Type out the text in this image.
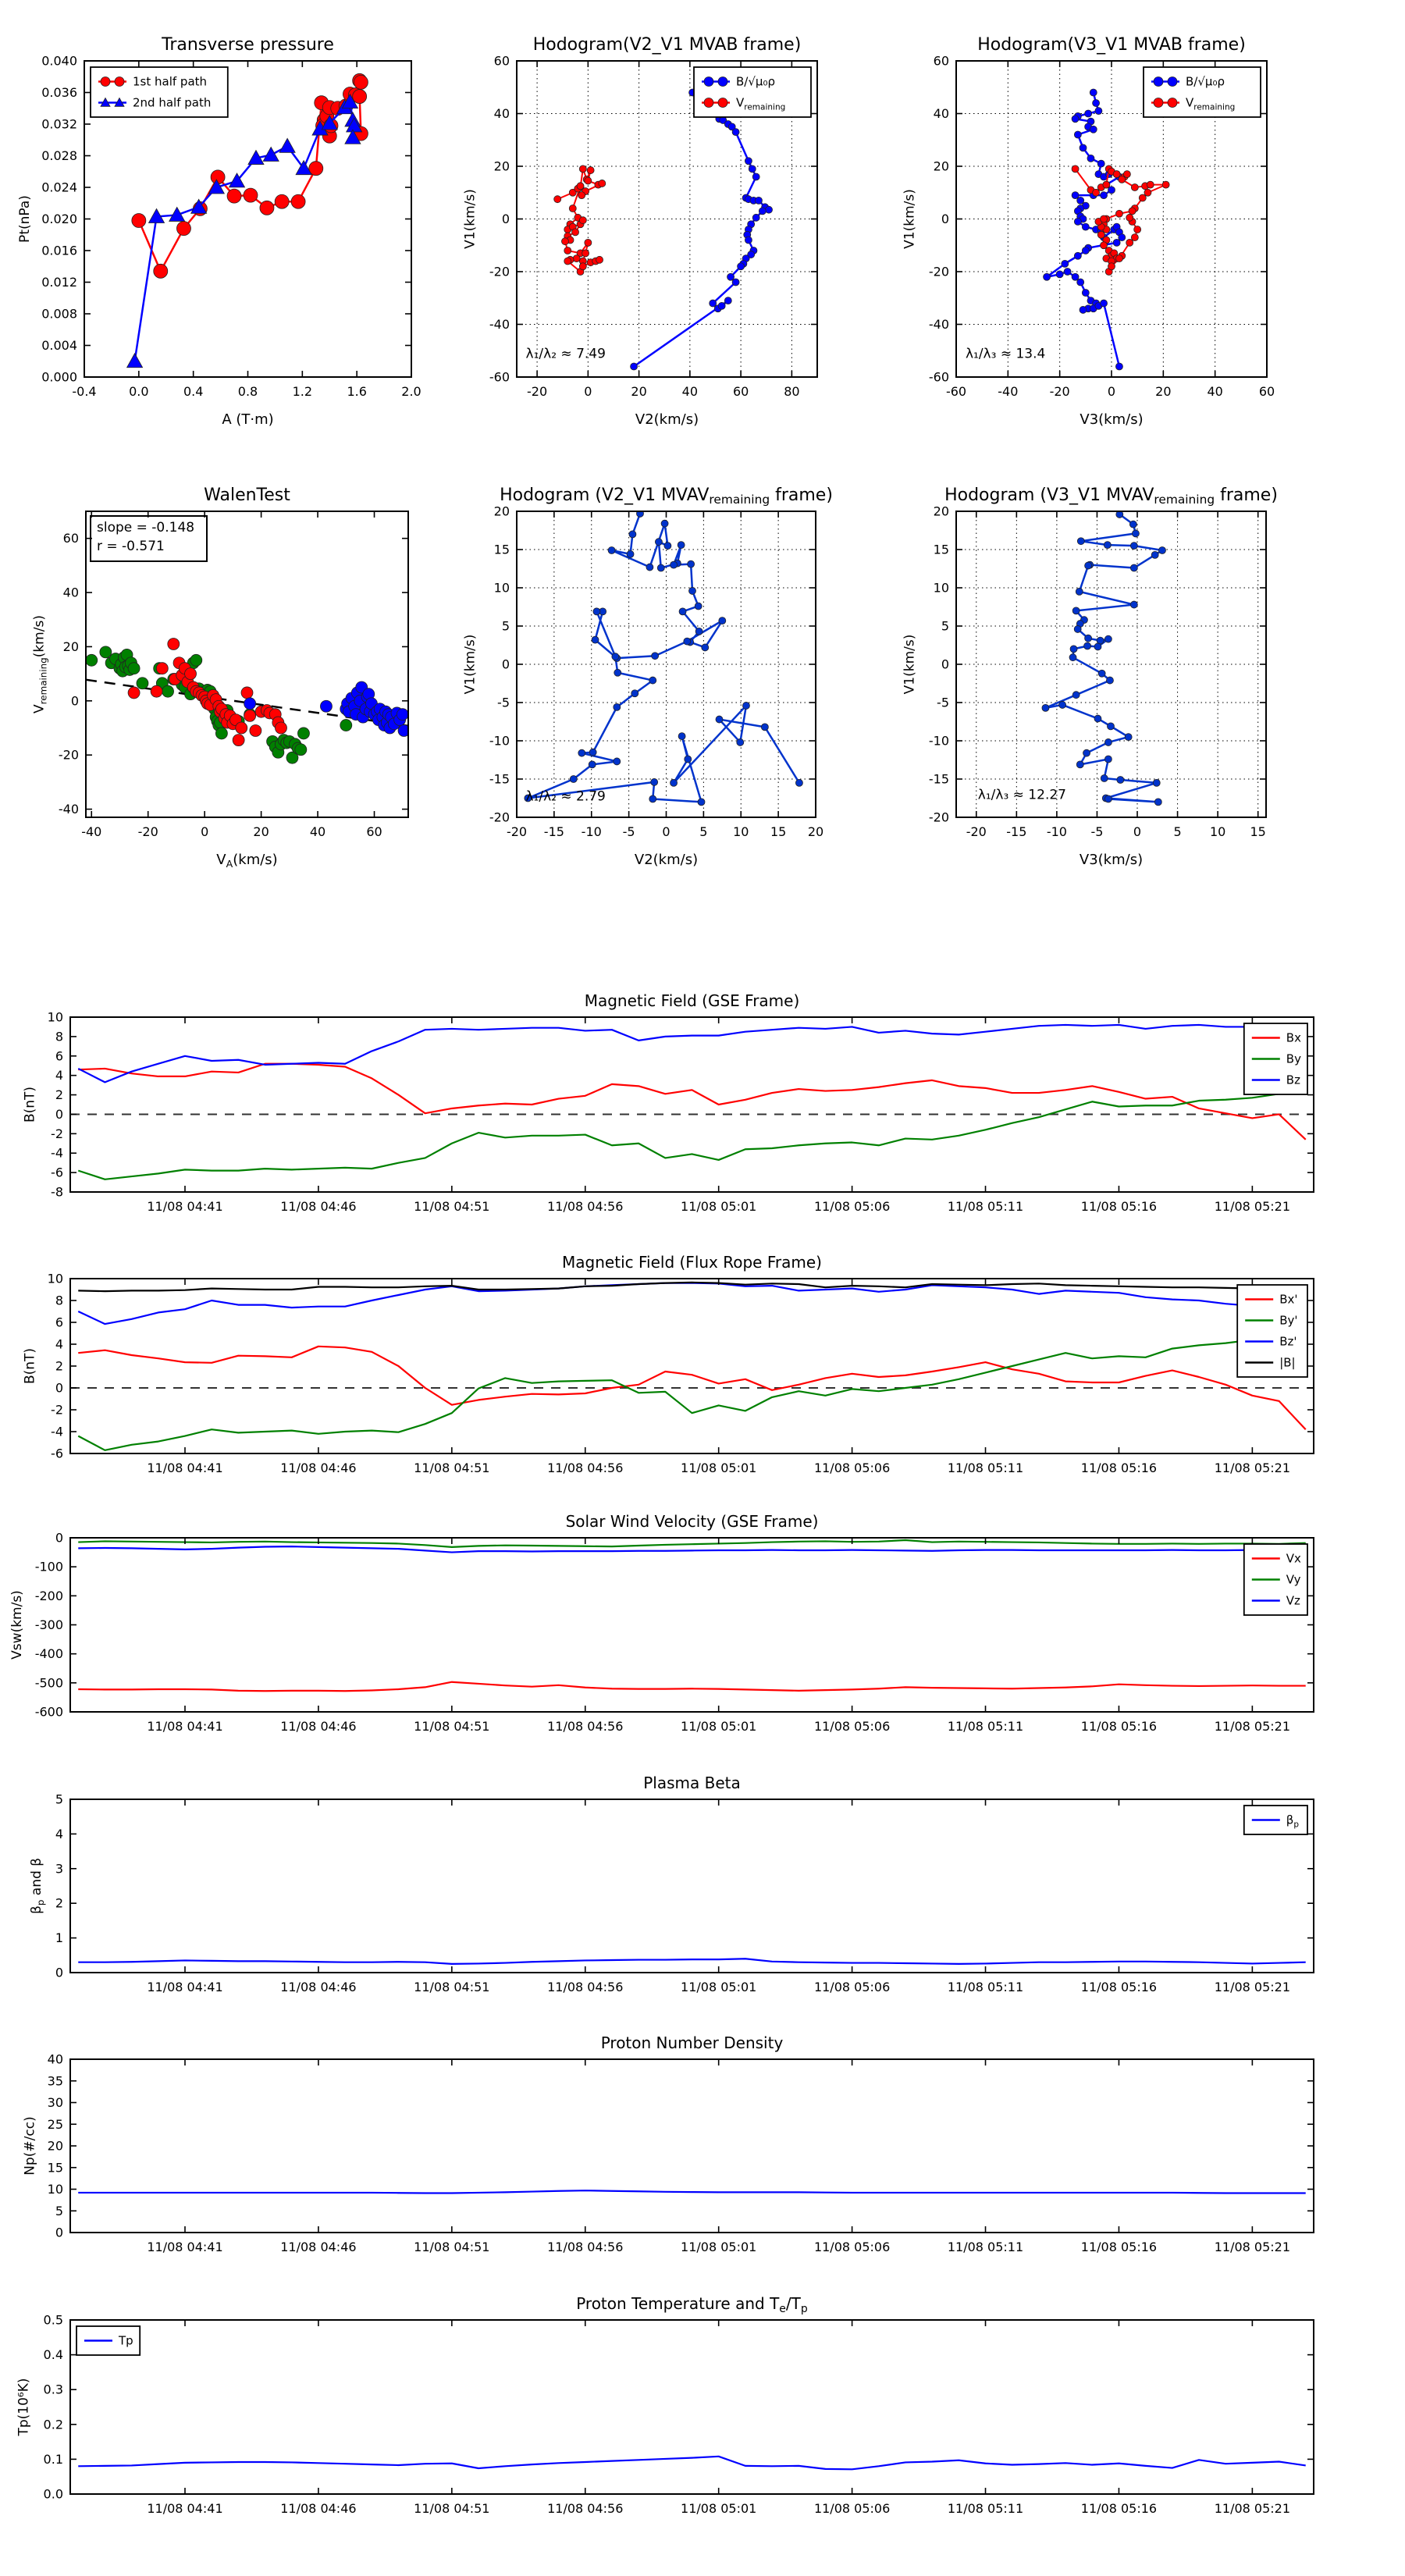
1st half path
2nd half path
-0.4	0.0	0.4	0.8	1.2	1.6	2.0
0.000
0.004
0.008
0.012
0.016
0.020
0.024
0.028
0.032
0.036
0.040
Transverse pressure
A (T·m)
Pt(nPa)
λ₁/λ₂ ≈ 7.49
B/√μ₀ρ
$V_{remaining}$
-20	0	20	40	60	80
-60
-40
-20
0
20
40
60
Hodogram(V2_V1 MVAB frame)
V2(km/s)
V1(km/s)
λ₁/λ₃ ≈ 13.4
B/√μ₀ρ
$V_{remaining}$
-60	-40	-20	0	20	40	60
-60
-40
-20
0
20
40
60
Hodogram(V3_V1 MVAB frame)
V3(km/s)
V1(km/s)
slope = -0.148
r = -0.571
-40	-20	0	20	40	60
-40
-20
0
20
40
60
WalenTest
$V_A(km/s)$
$V_{remaining}(km/s)$
λ₁/λ₂ ≈ 2.79
-20 -15 -10 -5 0 5 10 15 20
-20
-15
-10
-5
0
5
10
15
20
Hodogram (V2_V1 MVAVremaining frame)
V2(km/s)
V1(km/s)
λ₁/λ₃ ≈ 12.27
-20 -15 -10 -5 0	5 10 15
-20
-15
-10
-5
0
5
10
15
20
Hodogram (V3_V1 MVAVremaining frame)
V3(km/s)
V1(km/s)
Bx
By
Bz
11/08 04:41	11/08 04:46	11/08 04:51	11/08 04:56	11/08 05:01	11/08 05:06	11/08 05:11	11/08 05:16	11/08 05:21
-8
-6
-4
-2
0
2
4
6
8
10
Magnetic Field (GSE Frame)
B(nT)
Bx'
By'
Bz'
|B|
11/08 04:41	11/08 04:46	11/08 04:51	11/08 04:56	11/08 05:01	11/08 05:06	11/08 05:11	11/08 05:16	11/08 05:21
-6
-4
-2
0
2
4
6
8
10
Magnetic Field (Flux Rope Frame)
B(nT)
Vx
Vy
Vz
11/08 04:41	11/08 04:46	11/08 04:51	11/08 04:56	11/08 05:01	11/08 05:06	11/08 05:11	11/08 05:16	11/08 05:21
-600
-500
-400
-300
-200
-100
0
Solar Wind Velocity (GSE Frame)
Vsw(km/s)
$\beta_p$
11/08 04:41	11/08 04:46	11/08 04:51	11/08 04:56	11/08 05:01	11/08 05:06	11/08 05:11	11/08 05:16	11/08 05:21
0
1
2
3
4
5
Plasma Beta
$\beta_p$ and β
11/08 04:41	11/08 04:46	11/08 04:51	11/08 04:56	11/08 05:01	11/08 05:06	11/08 05:11	11/08 05:16	11/08 05:21
0
5
10
15
20
25
30
35
40
Proton Number Density
Np(#/cc)
Tp
11/08 04:41	11/08 04:46	11/08 04:51	11/08 04:56	11/08 05:01	11/08 05:06	11/08 05:11	11/08 05:16	11/08 05:21
0.0
0.1
0.2
0.3
0.4
0.5
Proton Temperature and $T_e/T_p$
Tp(10⁶K)
